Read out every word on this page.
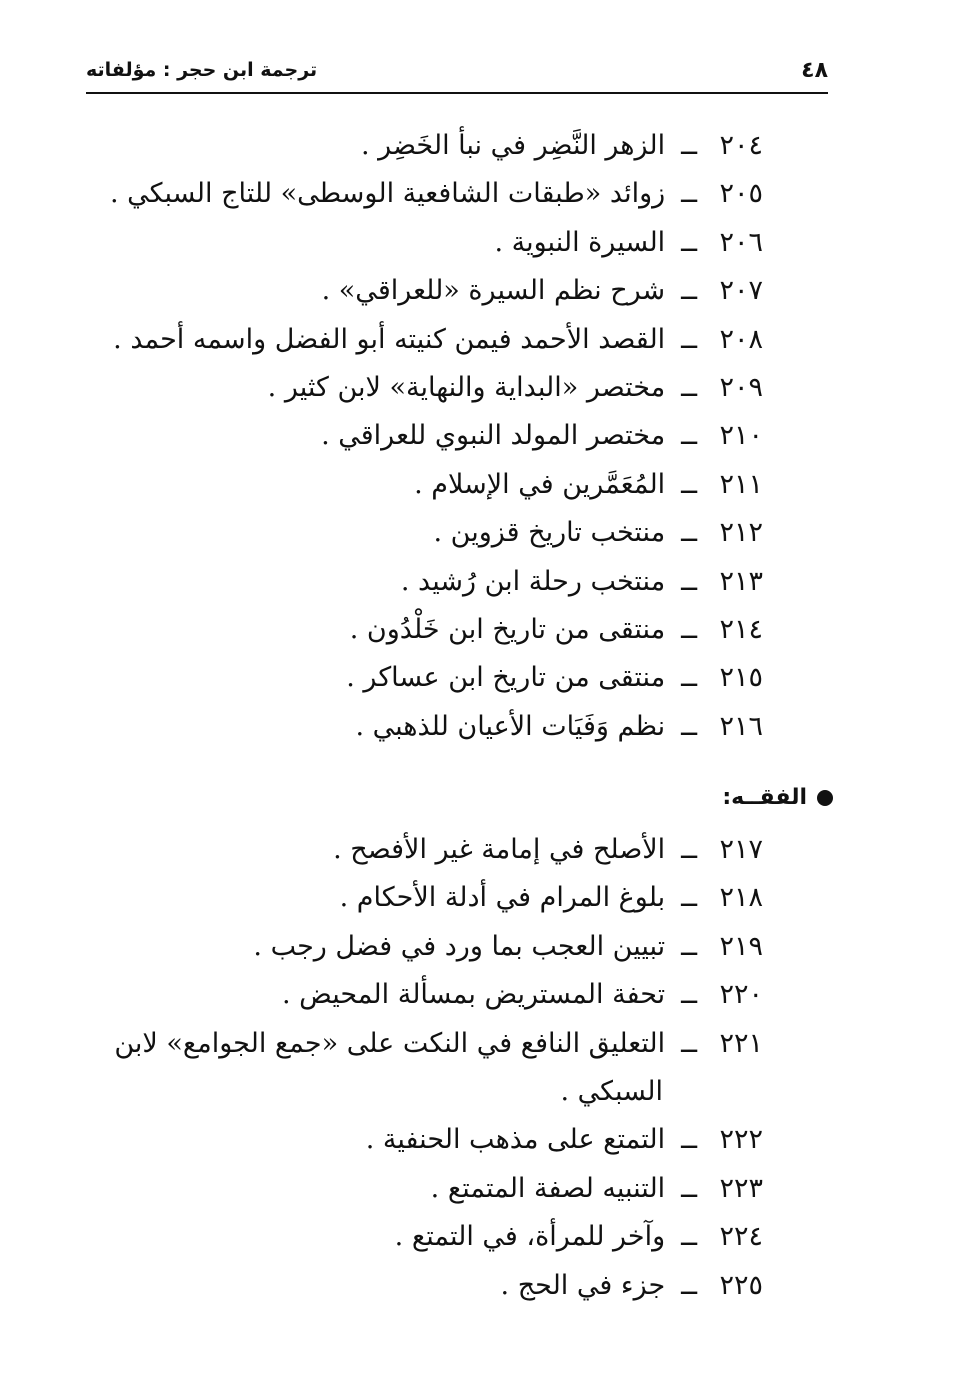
٤٨
ترجمة ابن حجر : مؤلفاته
٢٠٤
ــ
الزهر النَّضِر في نبأ الخَضِر .
٢٠٥
ــ
زوائد «طبقات الشافعية الوسطى» للتاج السبكي .
٢٠٦
ــ
السيرة النبوية .
٢٠٧
ــ
شرح نظم السيرة «للعراقي» .
٢٠٨
ــ
القصد الأحمد فيمن كنيته أبو الفضل واسمه أحمد .
٢٠٩
ــ
مختصر «البداية والنهاية» لابن كثير .
٢١٠
ــ
مختصر المولد النبوي للعراقي .
٢١١
ــ
المُعَمَّرين في الإسلام .
٢١٢
ــ
منتخب تاريخ قزوين .
٢١٣
ــ
منتخب رحلة ابن رُشيد .
٢١٤
ــ
منتقى من تاريخ ابن خَلْدُون .
٢١٥
ــ
منتقى من تاريخ ابن عساكر .
٢١٦
ــ
نظم وَفَيَات الأعيان للذهبي .
الفقــه:
٢١٧
ــ
الأصلح في إمامة غير الأفصح .
٢١٨
ــ
بلوغ المرام في أدلة الأحكام .
٢١٩
ــ
تبيين العجب بما ورد في فضل رجب .
٢٢٠
ــ
تحفة المستريض بمسألة المحيض .
٢٢١
ــ
التعليق النافع في النكت على «جمع الجوامع» لابن
السبكي .
٢٢٢
ــ
التمتع على مذهب الحنفية .
٢٢٣
ــ
التنبيه لصفة المتمتع .
٢٢٤
ــ
وآخر للمرأة، في التمتع .
٢٢٥
ــ
جزء في الحج .
